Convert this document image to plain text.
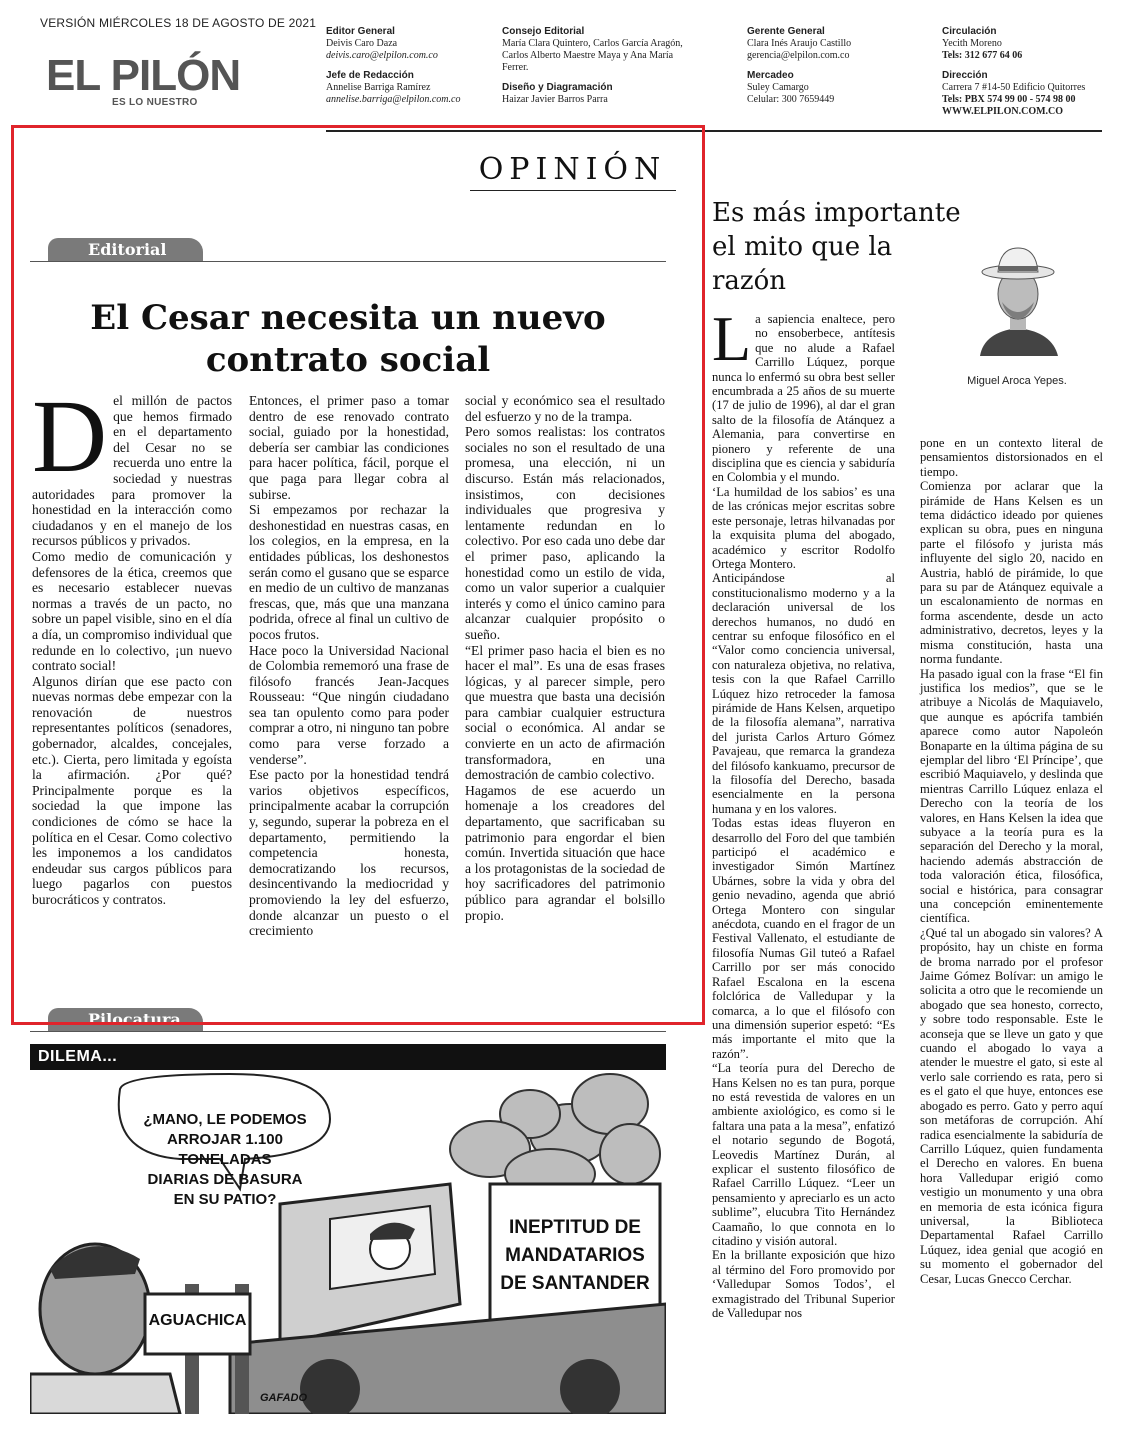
VERSIÓN MIÉRCOLES 18 DE AGOSTO DE 2021
EL PILÓN
ES LO NUESTRO
Editor General
Deivis Caro Daza
deivis.caro@elpilon.com.co
Jefe de Redacción
Annelise Barriga Ramírez
annelise.barriga@elpilon.com.co
Consejo Editorial
María Clara Quintero, Carlos García Aragón,
Carlos Alberto Maestre Maya y Ana María
Ferrer.
Diseño y Diagramación
Haizar Javier Barros Parra
Gerente General
Clara Inés Araujo Castillo
gerencia@elpilon.com.co
Mercadeo
Suley Camargo
Celular: 300 7659449
Circulación
Yecith Moreno
Tels: 312 677 64 06
Dirección
Carrera 7 #14-50 Edificio Quitorres
Tels: PBX 574 99 00 - 574 98 00
WWW.ELPILON.COM.CO
OPINIÓN
Editorial
El Cesar necesita un nuevo
contrato social
D el millón de pactos que hemos firmado en el departamento del Cesar no se recuerda uno entre la sociedad y nuestras autoridades para promover la honestidad en la interacción como ciudadanos y en el manejo de los recursos públicos y privados.

Como medio de comunicación y defensores de la ética, creemos que es necesario establecer nuevas normas a través de un pacto, no sobre un papel visible, sino en el día a día, un compromiso individual que redunde en lo colectivo, ¡un nuevo contrato social!

Algunos dirían que ese pacto con nuevas normas debe empezar con la renovación de nuestros representantes políticos (senadores, gobernador, alcaldes, concejales, etc.). Cierta, pero limitada y egoísta la afirmación. ¿Por qué? Principalmente porque es la sociedad la que impone las condiciones de cómo se hace la política en el Cesar. Como colectivo les imponemos a los candidatos endeudar sus cargos públicos para luego pagarlos con puestos burocráticos y contratos.

Entonces, el primer paso a tomar dentro de ese renovado contrato social, guiado por la honestidad, debería ser cambiar las condiciones para hacer política, fácil, porque el que paga para llegar cobra al subirse.

Si empezamos por rechazar la deshonestidad en nuestras casas, en los colegios, en la empresa, en la entidades públicas, los deshonestos serán como el gusano que se esparce en medio de un cultivo de manzanas frescas, que, más que una manzana podrida, ofrece al final un cultivo de pocos frutos.

Hace poco la Universidad Nacional de Colombia rememoró una frase de filósofo francés Jean-Jacques Rousseau: “Que ningún ciudadano sea tan opulento como para poder comprar a otro, ni ninguno tan pobre como para verse forzado a venderse”.

Ese pacto por la honestidad tendrá varios objetivos específicos, principalmente acabar la corrupción y, segundo, superar la pobreza en el departamento, permitiendo la competencia honesta, democratizando los recursos, desincentivando la mediocridad y promoviendo la ley del esfuerzo, donde alcanzar un puesto o el crecimiento

social y económico sea el resultado del esfuerzo y no de la trampa.

Pero somos realistas: los contratos sociales no son el resultado de una promesa, una elección, ni un discurso. Están más relacionados, insistimos, con decisiones individuales que progresiva y lentamente redundan en lo colectivo. Por eso cada uno debe dar el primer paso, aplicando la honestidad como un estilo de vida, como un valor superior a cualquier interés y como el único camino para alcanzar cualquier propósito o sueño.

“El primer paso hacia el bien es no hacer el mal”. Es una de esas frases lógicas, y al parecer simple, pero que muestra que basta una decisión para cambiar cualquier estructura social o económica. Al andar se convierte en un acto de afirmación transformadora, en una demostración de cambio colectivo.

Hagamos de ese acuerdo un homenaje a los creadores del departamento, que sacrificaban su patrimonio para engordar el bien común. Invertida situación que hace a los protagonistas de la sociedad de hoy sacrificadores del patrimonio público para agrandar el bolsillo propio.

Pilocatura
¿MANO, LE PODEMOS
ARROJAR 1.100 TONELADAS
DIARIAS DE BASURA
EN SU PATIO?
INEPTITUD DE
MANDATARIOS
DE SANTANDER
AGUACHICA
GAFADO
DILEMA...
Es más importante
el mito que la
razón
Miguel Aroca Yepes.
L a sapiencia enaltece, pero no ensoberbece, antítesis que no alude a Rafael Carrillo Lúquez, porque nunca lo enfermó su obra best seller encumbrada a 25 años de su muerte (17 de julio de 1996), al dar el gran salto de la filosofía de Atánquez a Alemania, para convertirse en pionero y referente de una disciplina que es ciencia y sabiduría en Colombia y el mundo.

‘La humildad de los sabios’ es una de las crónicas mejor escritas sobre este personaje, letras hilvanadas por la exquisita pluma del abogado, académico y escritor Rodolfo Ortega Montero.

Anticipándose al constitucionalismo moderno y a la declaración universal de los derechos humanos, no dudó en centrar su enfoque filosófico en el “Valor como conciencia universal, con naturaleza objetiva, no relativa, tesis con la que Rafael Carrillo Lúquez hizo retroceder la famosa pirámide de Hans Kelsen, arquetipo de la filosofía alemana”, narrativa del jurista Carlos Arturo Gómez Pavajeau, que remarca la grandeza del filósofo kankuamo, precursor de la filosofía del Derecho, basada esencialmente en la persona humana y en los valores.

Todas estas ideas fluyeron en desarrollo del Foro del que también participó el académico e investigador Simón Martínez Ubárnes, sobre la vida y obra del genio nevadino, agenda que abrió Ortega Montero con singular anécdota, cuando en el fragor de un Festival Vallenato, el estudiante de filosofía Numas Gil tuteó a Rafael Carrillo por ser más conocido Rafael Escalona en la escena folclórica de Valledupar y la comarca, a lo que el filósofo con una dimensión superior espetó: “Es más importante el mito que la razón”.

“La teoría pura del Derecho de Hans Kelsen no es tan pura, porque no está revestida de valores en un ambiente axiológico, es como si le faltara una pata a la mesa”, enfatizó el notario segundo de Bogotá, Leovedis Martínez Durán, al explicar el sustento filosófico de Rafael Carrillo Lúquez. “Leer un pensamiento y apreciarlo es un acto sublime”, elucubra Tito Hernández Caamaño, lo que connota en lo citadino y visión autoral.

En la brillante exposición que hizo al término del Foro promovido por ‘Valledupar Somos Todos’, el exmagistrado del Tribunal Superior de Valledupar nos

pone en un contexto literal de pensamientos distorsionados en el tiempo.

Comienza por aclarar que la pirámide de Hans Kelsen es un tema didáctico ideado por quienes explican su obra, pues en ninguna parte el filósofo y jurista más influyente del siglo 20, nacido en Austria, habló de pirámide, lo que para su par de Atánquez equivale a un escalonamiento de normas en forma ascendente, desde un acto administrativo, decretos, leyes y la misma constitución, hasta una norma fundante.

Ha pasado igual con la frase “El fin justifica los medios”, que se le atribuye a Nicolás de Maquiavelo, que aunque es apócrifa también aparece como autor Napoleón Bonaparte en la última página de su ejemplar del libro ‘El Príncipe’, que escribió Maquiavelo, y deslinda que mientras Carrillo Lúquez enlaza el Derecho con la teoría de los valores, en Hans Kelsen la idea que subyace a la teoría pura es la separación del Derecho y la moral, haciendo además abstracción de toda valoración ética, filosófica, social e histórica, para consagrar una concepción eminentemente científica.

¿Qué tal un abogado sin valores? A propósito, hay un chiste en forma de broma narrado por el profesor Jaime Gómez Bolívar: un amigo le solicita a otro que le recomiende un abogado que sea honesto, correcto, y sobre todo responsable. Este le aconseja que se lleve un gato y que cuando el abogado lo vaya a atender le muestre el gato, si este al verlo sale corriendo es rata, pero si es el gato el que huye, entonces ese abogado es perro. Gato y perro aquí son metáforas de corrupción. Ahí radica esencialmente la sabiduría de Carrillo Lúquez, quien fundamenta el Derecho en valores. En buena hora Valledupar erigió como vestigio un monumento y una obra en memoria de esta icónica figura universal, la Biblioteca Departamental Rafael Carrillo Lúquez, idea genial que acogió en su momento el gobernador del Cesar, Lucas Gnecco Cerchar.
